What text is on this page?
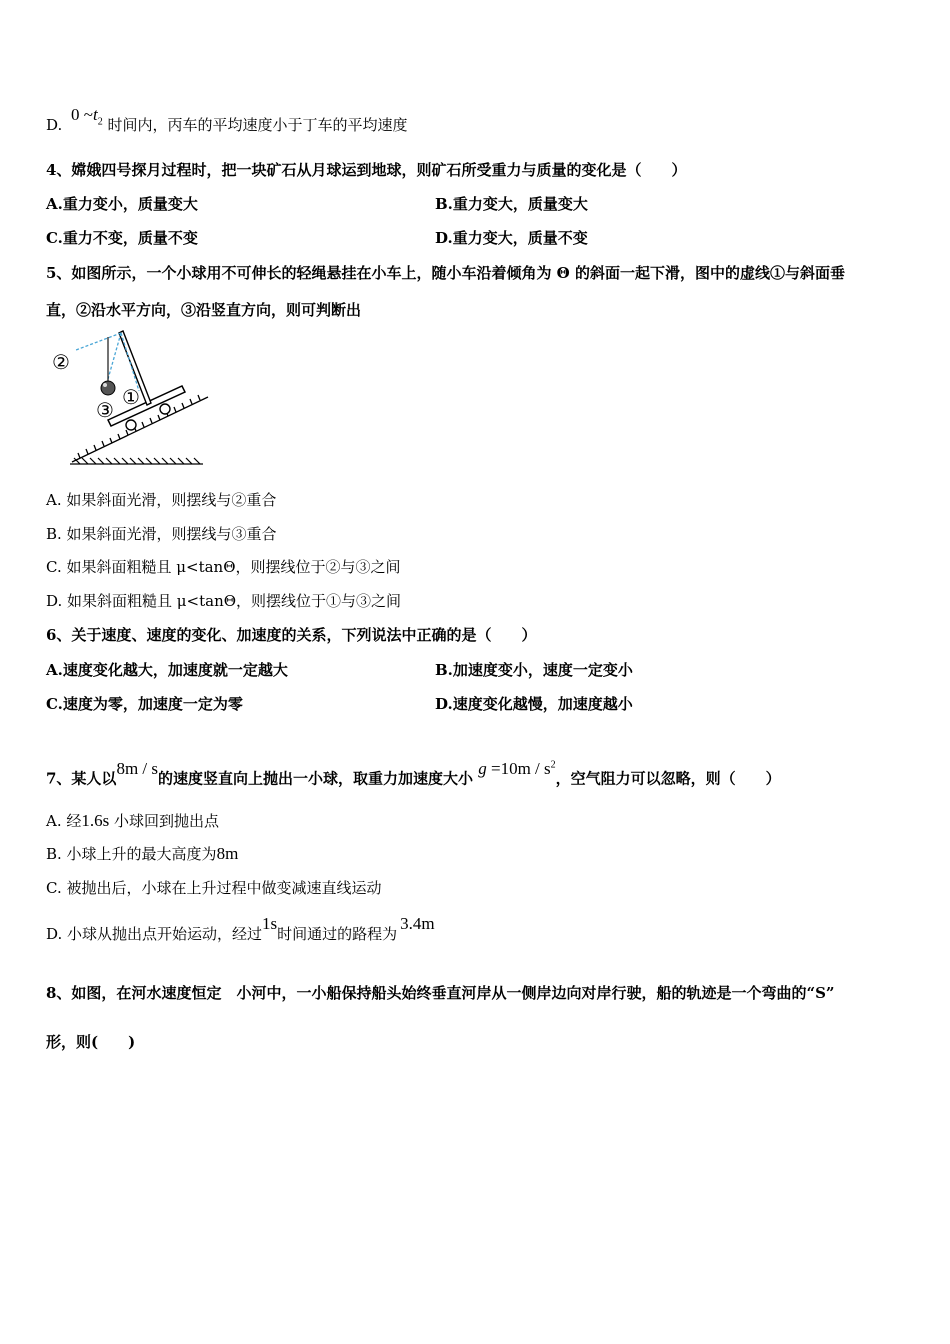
D. 0 $\sim t_2$ 时间内，丙车的平均速度小于丁车的平均速度
4、嫦娥四号探月过程时，把一块矿石从月球运到地球，则矿石所受重力与质量的变化是（　　）
A.重力变小，质量变大	B.重力变大，质量变大
C.重力不变，质量不变	D.重力变大，质量不变
5、如图所示，一个小球用不可伸长的轻绳悬挂在小车上，随小车沿着倾角为 Θ 的斜面一起下滑，图中的虚线①与斜面垂
直，②沿水平方向，③沿竖直方向，则可判断出
②
③
①
A. 如果斜面光滑，则摆线与②重合
B. 如果斜面光滑，则摆线与③重合
C. 如果斜面粗糙且 μ<tanΘ，则摆线位于②与③之间
D. 如果斜面粗糙且 μ<tanΘ，则摆线位于①与③之间
6、关于速度、速度的变化、加速度的关系，下列说法中正确的是（　　）
A.速度变化越大，加速度就一定越大	B.加速度变小，速度一定变小
C.速度为零，加速度一定为零	D.速度变化越慢，加速度越小
7、某人以8m / s的速度竖直向上抛出一小球，取重力加速度大小 $g =10m / s^2$，空气阻力可以忽略，则（　　）
A. 经1.6s 小球回到抛出点
B. 小球上升的最大高度为8m
C. 被抛出后，小球在上升过程中做变减速直线运动
D. 小球从抛出点开始运动，经过1s时间通过的路程为3.4m
8、如图，在河水速度恒定　小河中，一小船保持船头始终垂直河岸从一侧岸边向对岸行驶，船的轨迹是一个弯曲的“S”
形，则(　　)
